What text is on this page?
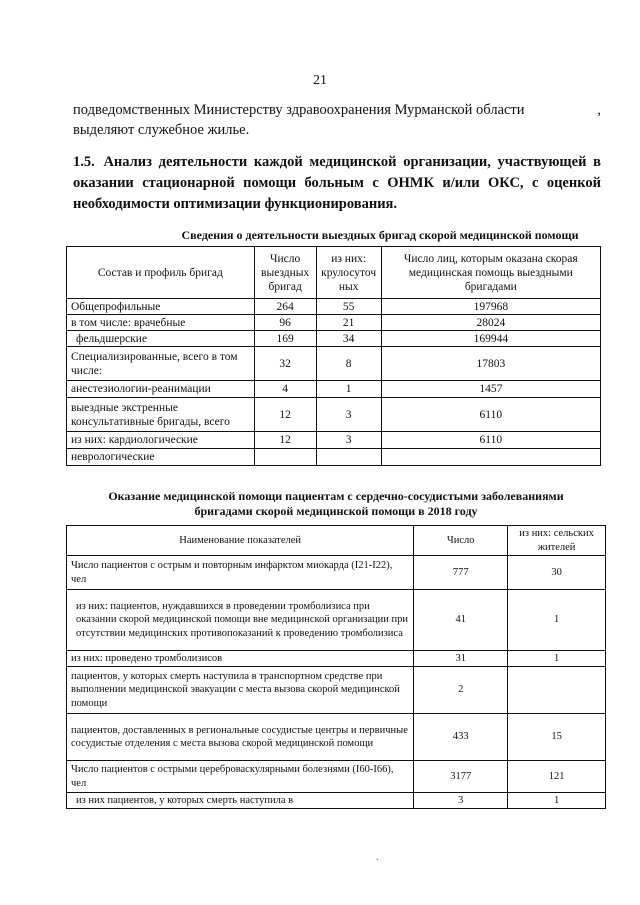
21
подведомственных Министерству здравоохранения Мурманской области	,
выделяют служебное жилье.
1.5. Анализ деятельности каждой медицинской организации, участвующей в оказании стационарной помощи больным с ОНМК и/или ОКС, с оценкой необходимости оптимизации функционирования.
Сведения о деятельности выездных бригад скорой медицинской помощи
Состав и профиль бригад	Число выездных бригад	из них: крулосуточ ных	Число лиц, которым оказана скорая медицинская помощь выездными бригадами
Общепрофильные	264	55	197968
в том числе: врачебные	96	21	28024
фельдшерские	169	34	169944
Специализированные, всего в том числе:	32	8	17803
анестезиологии-реанимации	4	1	1457
выездные экстренные консультативные бригады, всего	12	3	6110
из них: кардиологические	12	3	6110
неврологические			
Оказание медицинской помощи пациентам с сердечно-сосудистыми заболеваниями
бригадами скорой медицинской помощи в 2018 году
Наименование показателей	Число	из них: сельских жителей
Число пациентов с острым и повторным инфарктом миокарда (I21-I22), чел	777	30
из них: пациентов, нуждавшихся в проведении тромболизиса при оказании скорой медицинской помощи вне медицинской организации при отсутствии медицинских противопоказаний к проведению тромболизиса	41	1
из них: проведено тромболизисов	31	1
пациентов, у которых смерть наступила в транспортном средстве при выполнении медицинской эвакуации с места вызова скорой медицинской помощи	2	
пациентов, доставленных в региональные сосудистые центры и первичные сосудистые отделения с места вызова скорой медицинской помощи	433	15
Число пациентов с острыми цереброваскулярными болезнями (I60-I66), чел	3177	121
из них пациентов, у которых смерть наступила в	3	1
.
